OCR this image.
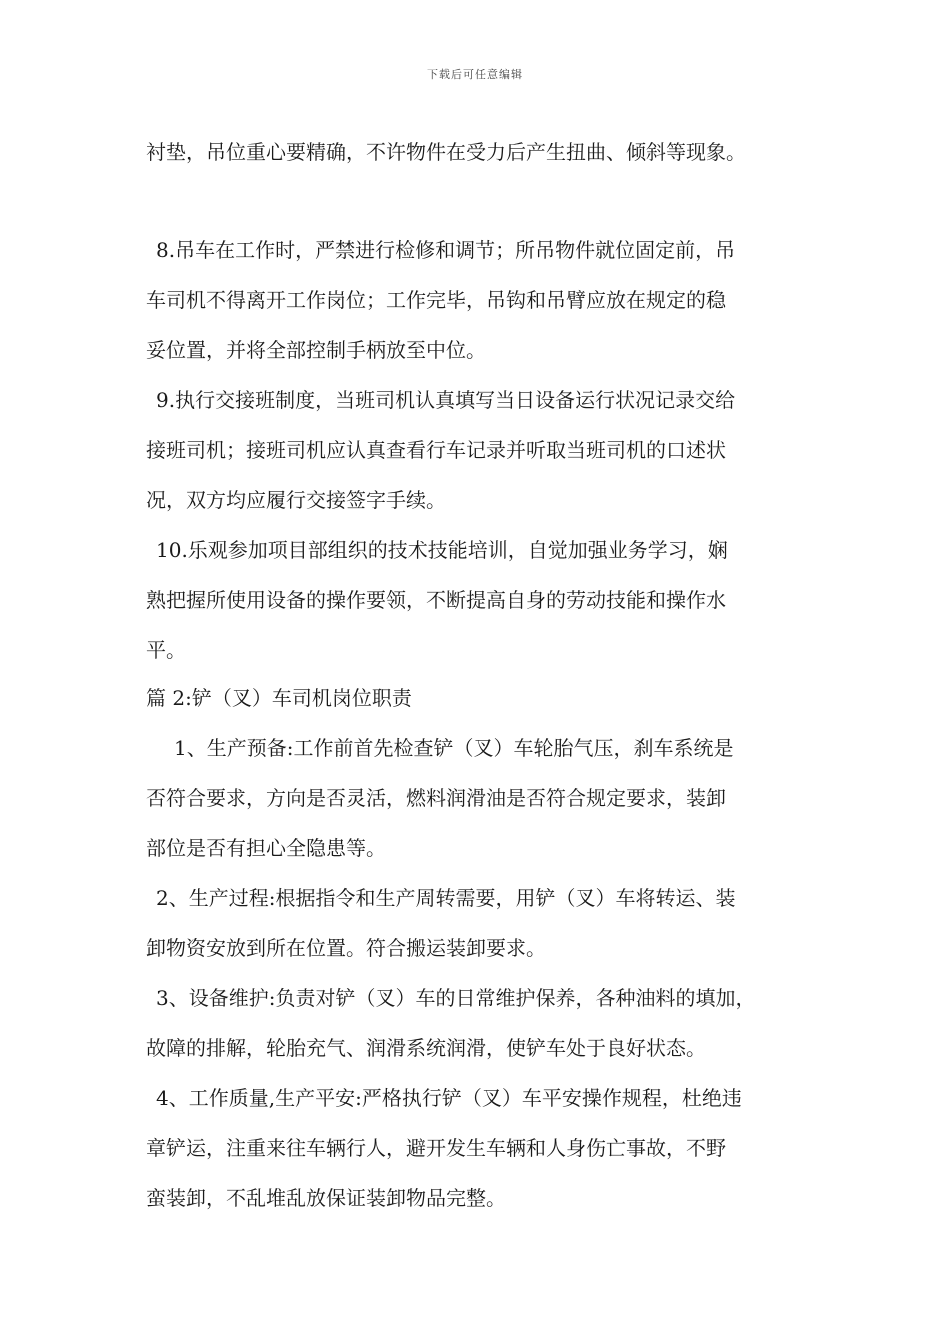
下载后可任意编辑
衬垫，吊位重心要精确，不许物件在受力后产生扭曲、倾斜等现象。
8.吊车在工作时，严禁进行检修和调节；所吊物件就位固定前，吊
车司机不得离开工作岗位；工作完毕，吊钩和吊臂应放在规定的稳
妥位置，并将全部控制手柄放至中位。
9.执行交接班制度，当班司机认真填写当日设备运行状况记录交给
接班司机；接班司机应认真查看行车记录并听取当班司机的口述状
况，双方均应履行交接签字手续。
10.乐观参加项目部组织的技术技能培训，自觉加强业务学习，娴
熟把握所使用设备的操作要领，不断提高自身的劳动技能和操作水
平。
篇 2:铲（叉）车司机岗位职责
1、生产预备:工作前首先检查铲（叉）车轮胎气压，刹车系统是
否符合要求，方向是否灵活，燃料润滑油是否符合规定要求，装卸
部位是否有担心全隐患等。
2、生产过程:根据指令和生产周转需要，用铲（叉）车将转运、装
卸物资安放到所在位置。符合搬运装卸要求。
3、设备维护:负责对铲（叉）车的日常维护保养，各种油料的填加，
故障的排解，轮胎充气、润滑系统润滑，使铲车处于良好状态。
4、工作质量,生产平安:严格执行铲（叉）车平安操作规程，杜绝违
章铲运，注重来往车辆行人，避开发生车辆和人身伤亡事故，不野
蛮装卸，不乱堆乱放保证装卸物品完整。
